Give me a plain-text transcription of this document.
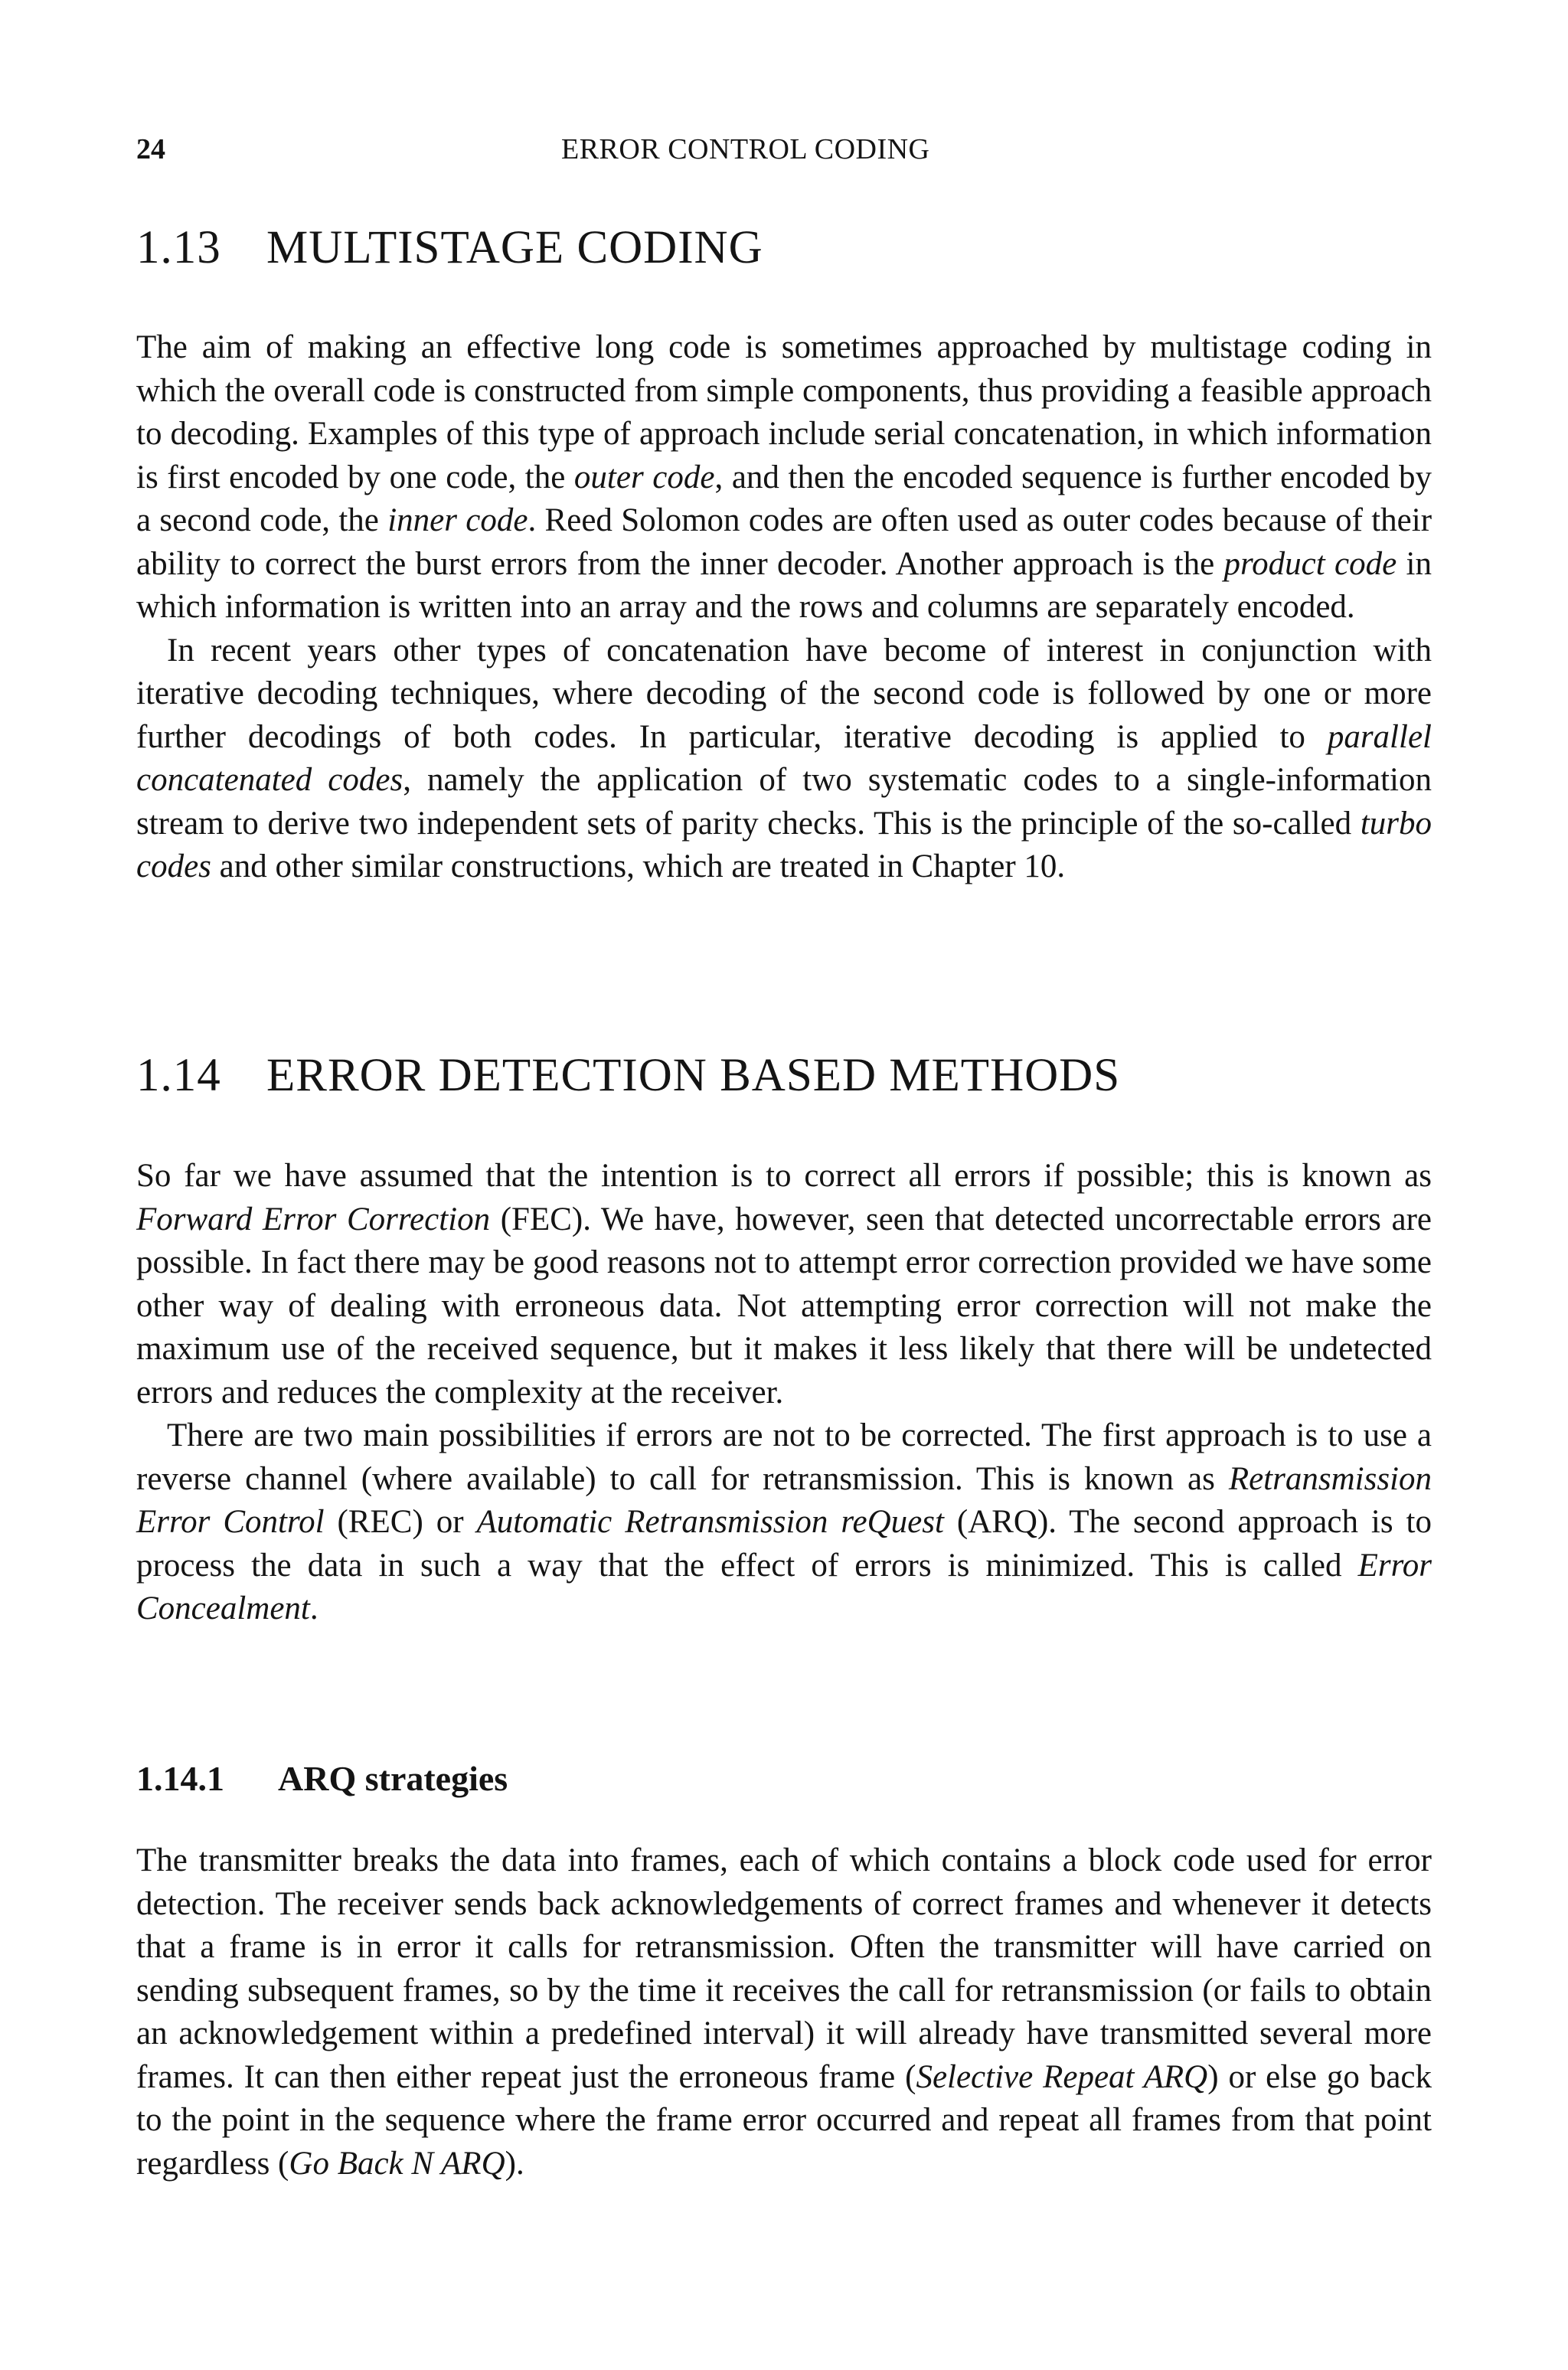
24	ERROR CONTROL CODING
1.13 MULTISTAGE CODING

The aim of making an effective long code is sometimes approached by multistage coding in which the overall code is constructed from simple components, thus providing a feasible approach to decoding. Examples of this type of approach include serial concatenation, in which information is first encoded by one code, the outer code, and then the encoded sequence is further encoded by a second code, the inner code. Reed Solomon codes are often used as outer codes because of their ability to correct the burst errors from the inner decoder. Another approach is the product code in which information is written into an array and the rows and columns are separately encoded.

In recent years other types of concatenation have become of interest in conjunction with iterative decoding techniques, where decoding of the second code is followed by one or more further decodings of both codes. In particular, iterative decoding is applied to parallel concatenated codes, namely the application of two systematic codes to a single-information stream to derive two independent sets of parity checks. This is the principle of the so-called turbo codes and other similar constructions, which are treated in Chapter 10.

1.14 ERROR DETECTION BASED METHODS

So far we have assumed that the intention is to correct all errors if possible; this is known as Forward Error Correction (FEC). We have, however, seen that detected uncorrectable errors are possible. In fact there may be good reasons not to attempt error correction provided we have some other way of dealing with erroneous data. Not attempting error correction will not make the maximum use of the received sequence, but it makes it less likely that there will be undetected errors and reduces the complexity at the receiver.

There are two main possibilities if errors are not to be corrected. The first approach is to use a reverse channel (where available) to call for retransmission. This is known as Retransmission Error Control (REC) or Automatic Retransmission reQuest (ARQ). The second approach is to process the data in such a way that the effect of errors is minimized. This is called Error Concealment.

1.14.1 ARQ strategies

The transmitter breaks the data into frames, each of which contains a block code used for error detection. The receiver sends back acknowledgements of correct frames and whenever it detects that a frame is in error it calls for retransmission. Often the transmitter will have carried on sending subsequent frames, so by the time it receives the call for retransmission (or fails to obtain an acknowledgement within a predefined interval) it will already have transmitted several more frames. It can then either repeat just the erroneous frame (Selective Repeat ARQ) or else go back to the point in the sequence where the frame error occurred and repeat all frames from that point regardless (Go Back N ARQ).
